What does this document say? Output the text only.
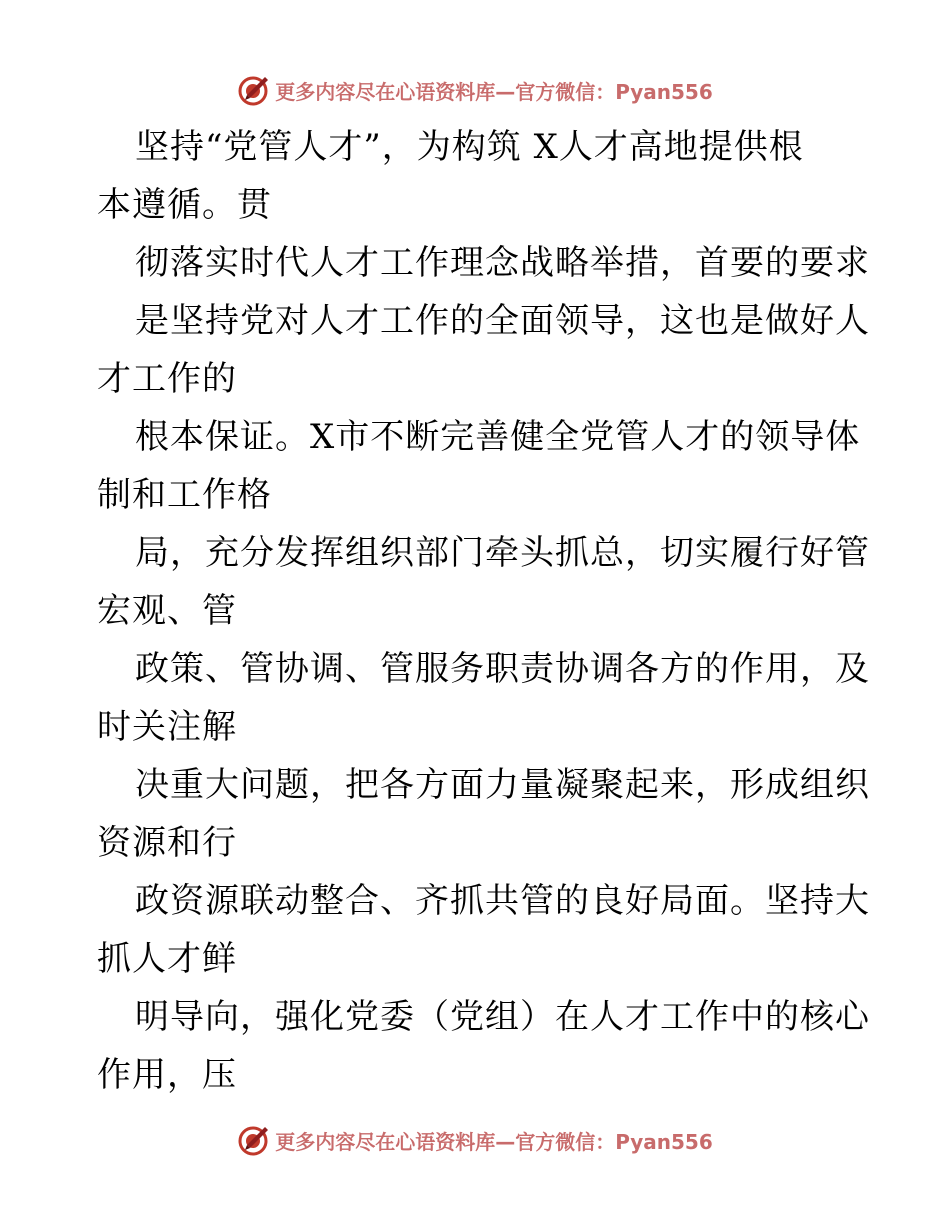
更多内容尽在心语资料库—官方微信：Pyan556
坚持“党管人才”，为构筑 X人才高地提供根
本遵循。贯
彻落实时代人才工作理念战略举措，首要的要求
是坚持党对人才工作的全面领导，这也是做好人
才工作的
根本保证。X市不断完善健全党管人才的领导体
制和工作格
局，充分发挥组织部门牵头抓总，切实履行好管
宏观、管
政策、管协调、管服务职责协调各方的作用，及
时关注解
决重大问题，把各方面力量凝聚起来，形成组织
资源和行
政资源联动整合、齐抓共管的良好局面。坚持大
抓人才鲜
明导向，强化党委（党组）在人才工作中的核心
作用，压
更多内容尽在心语资料库—官方微信：Pyan556
